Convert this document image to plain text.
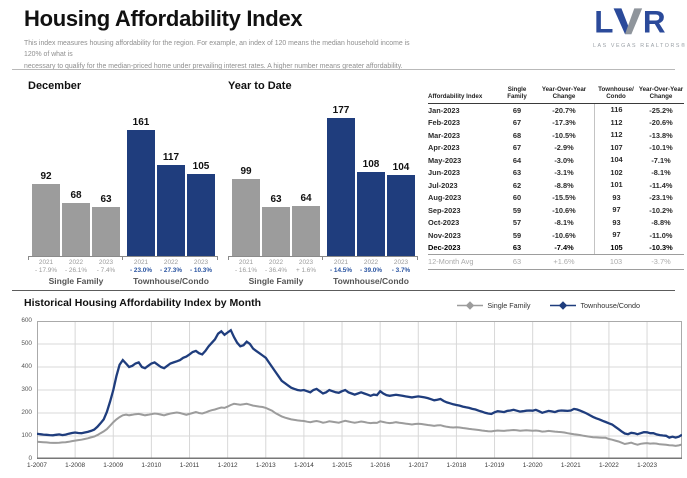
Housing Affordability Index
This index measures housing affordability for the region. For example, an index of 120 means the median household income is 120% of what is
necessary to qualify for the median-priced home under prevailing interest rates. A higher number means greater affordability.
L R
LAS VEGAS REALTORS®
December
92
2021
- 17.9%
68
2022
- 26.1%
63
2023
- 7.4%
161
2021
- 23.0%
117
2022
- 27.3%
105
2023
- 10.3%
Single Family	Townhouse/Condo
Year to Date
99
2021
- 16.1%
63
2022
- 36.4%
64
2023
+ 1.6%
177
2021
- 14.5%
108
2022
- 39.0%
104
2023
- 3.7%
Single Family	Townhouse/Condo
Affordability Index
Single
Family
Year-Over-Year
Change
Townhouse/
Condo
Year-Over-Year
Change
Jan-2023	69	-20.7%	116	-25.2%
Feb-2023	67	-17.3%	112	-20.6%
Mar-2023	68	-10.5%	112	-13.8%
Apr-2023	67	-2.9%	107	-10.1%
May-2023	64	-3.0%	104	-7.1%
Jun-2023	63	-3.1%	102	-8.1%
Jul-2023	62	-8.8%	101	-11.4%
Aug-2023	60	-15.5%	93	-23.1%
Sep-2023	59	-10.6%	97	-10.2%
Oct-2023	57	-8.1%	93	-8.8%
Nov-2023	59	-10.6%	97	-11.0%
Dec-2023	63	-7.4%	105	-10.3%
12-Month Avg	63	+1.6%	103	-3.7%
Historical Housing Affordability Index by Month	Single Family	Townhouse/Condo
0
100
200
300
400
500
600
1-2007	1-2008	1-2009	1-2010	1-2011	1-2012	1-2013	1-2014	1-2015	1-2016	1-2017	1-2018	1-2019	1-2020	1-2021	1-2022	1-2023
